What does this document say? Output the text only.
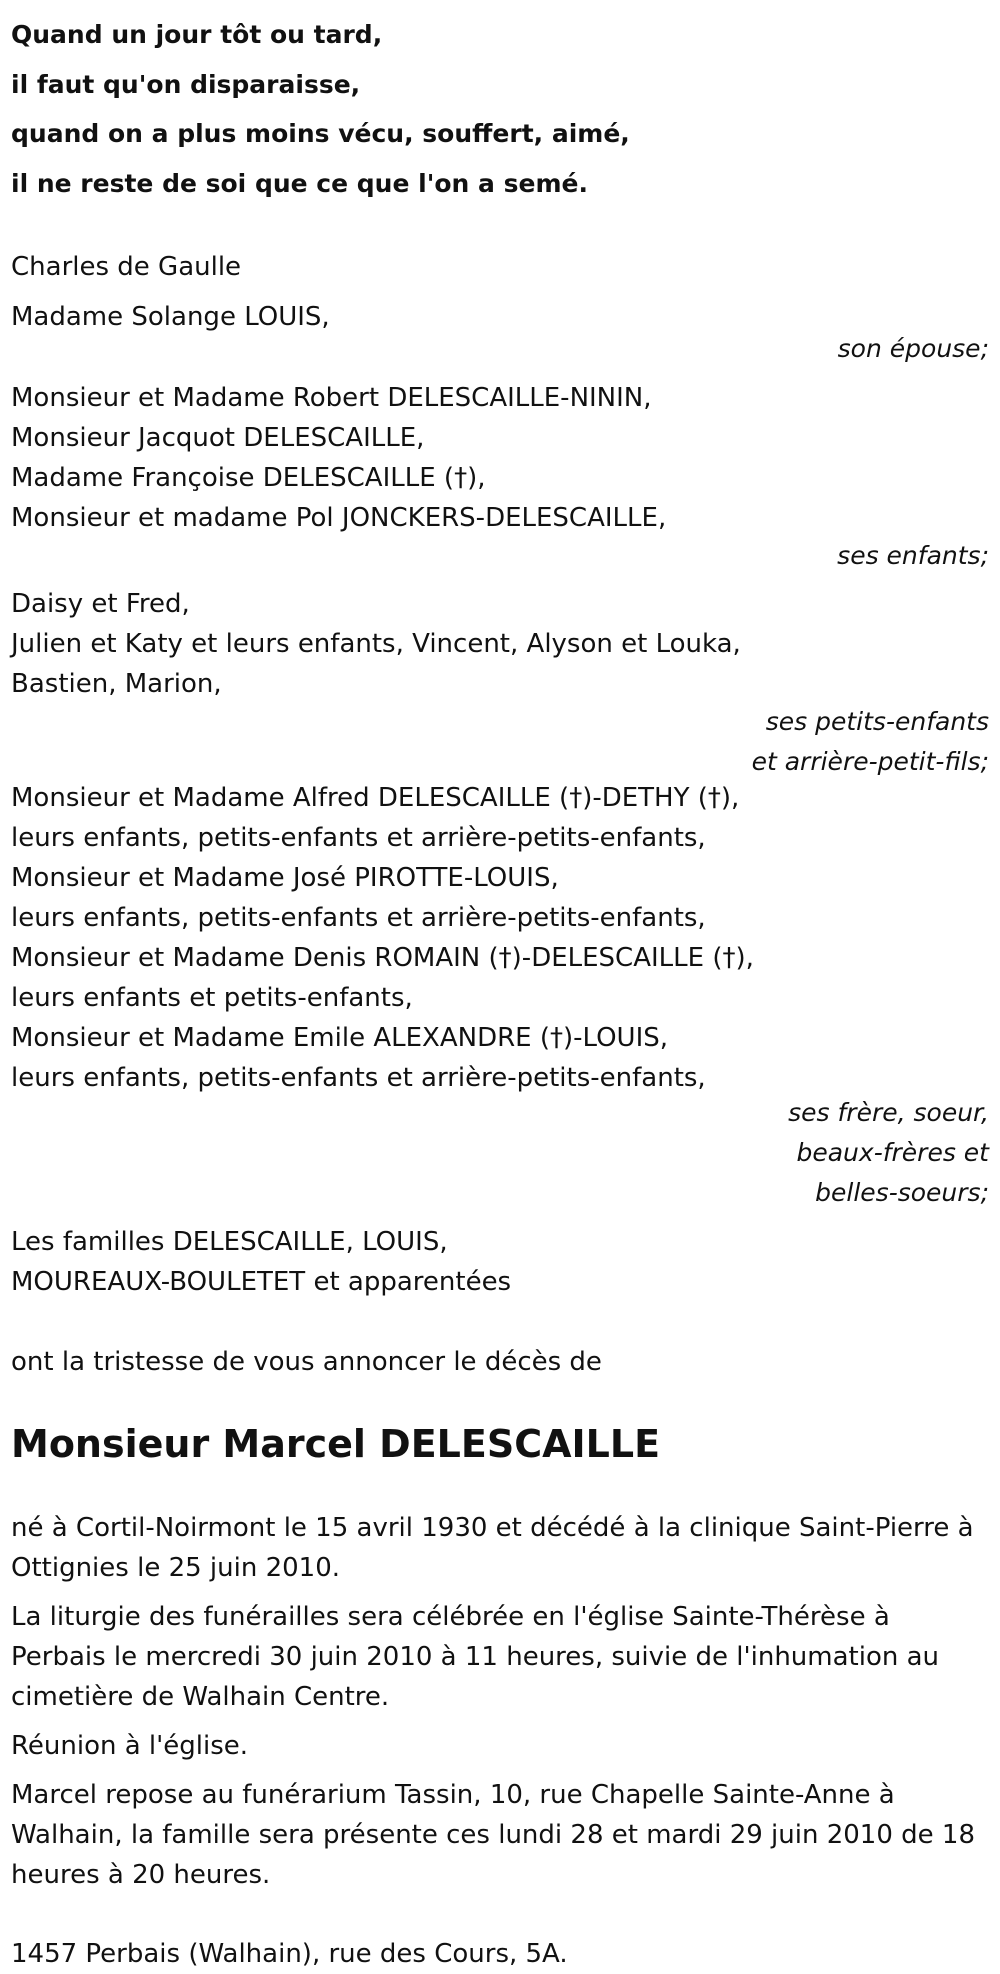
Quand un jour tôt ou tard,
il faut qu'on disparaisse,
quand on a plus moins vécu, souffert, aimé,
il ne reste de soi que ce que l'on a semé.
Charles de Gaulle
Madame Solange LOUIS,
son épouse;
Monsieur et Madame Robert DELESCAILLE-NININ,
Monsieur Jacquot DELESCAILLE,
Madame Françoise DELESCAILLE (†),
Monsieur et madame Pol JONCKERS-DELESCAILLE,
ses enfants;
Daisy et Fred,
Julien et Katy et leurs enfants, Vincent, Alyson et Louka,
Bastien, Marion,
ses petits-enfants
et arrière-petit-fils;
Monsieur et Madame Alfred DELESCAILLE (†)-DETHY (†),
leurs enfants, petits-enfants et arrière-petits-enfants,
Monsieur et Madame José PIROTTE-LOUIS,
leurs enfants, petits-enfants et arrière-petits-enfants,
Monsieur et Madame Denis ROMAIN (†)-DELESCAILLE (†),
leurs enfants et petits-enfants,
Monsieur et Madame Emile ALEXANDRE (†)-LOUIS,
leurs enfants, petits-enfants et arrière-petits-enfants,
ses frère, soeur,
beaux-frères et
belles-soeurs;
Les familles DELESCAILLE, LOUIS,
MOUREAUX-BOULETET et apparentées
ont la tristesse de vous annoncer le décès de
Monsieur Marcel DELESCAILLE
né à Cortil-Noirmont le 15 avril 1930 et décédé à la clinique Saint-Pierre à Ottignies le 25 juin 2010.
La liturgie des funérailles sera célébrée en l'église Sainte-Thérèse à Perbais le mercredi 30 juin 2010 à 11 heures, suivie de l'inhumation au cimetière de Walhain Centre.
Réunion à l'église.
Marcel repose au funérarium Tassin, 10, rue Chapelle Sainte-Anne à Walhain, la famille sera présente ces lundi 28 et mardi 29 juin 2010 de 18 heures à 20 heures.
1457 Perbais (Walhain), rue des Cours, 5A.
